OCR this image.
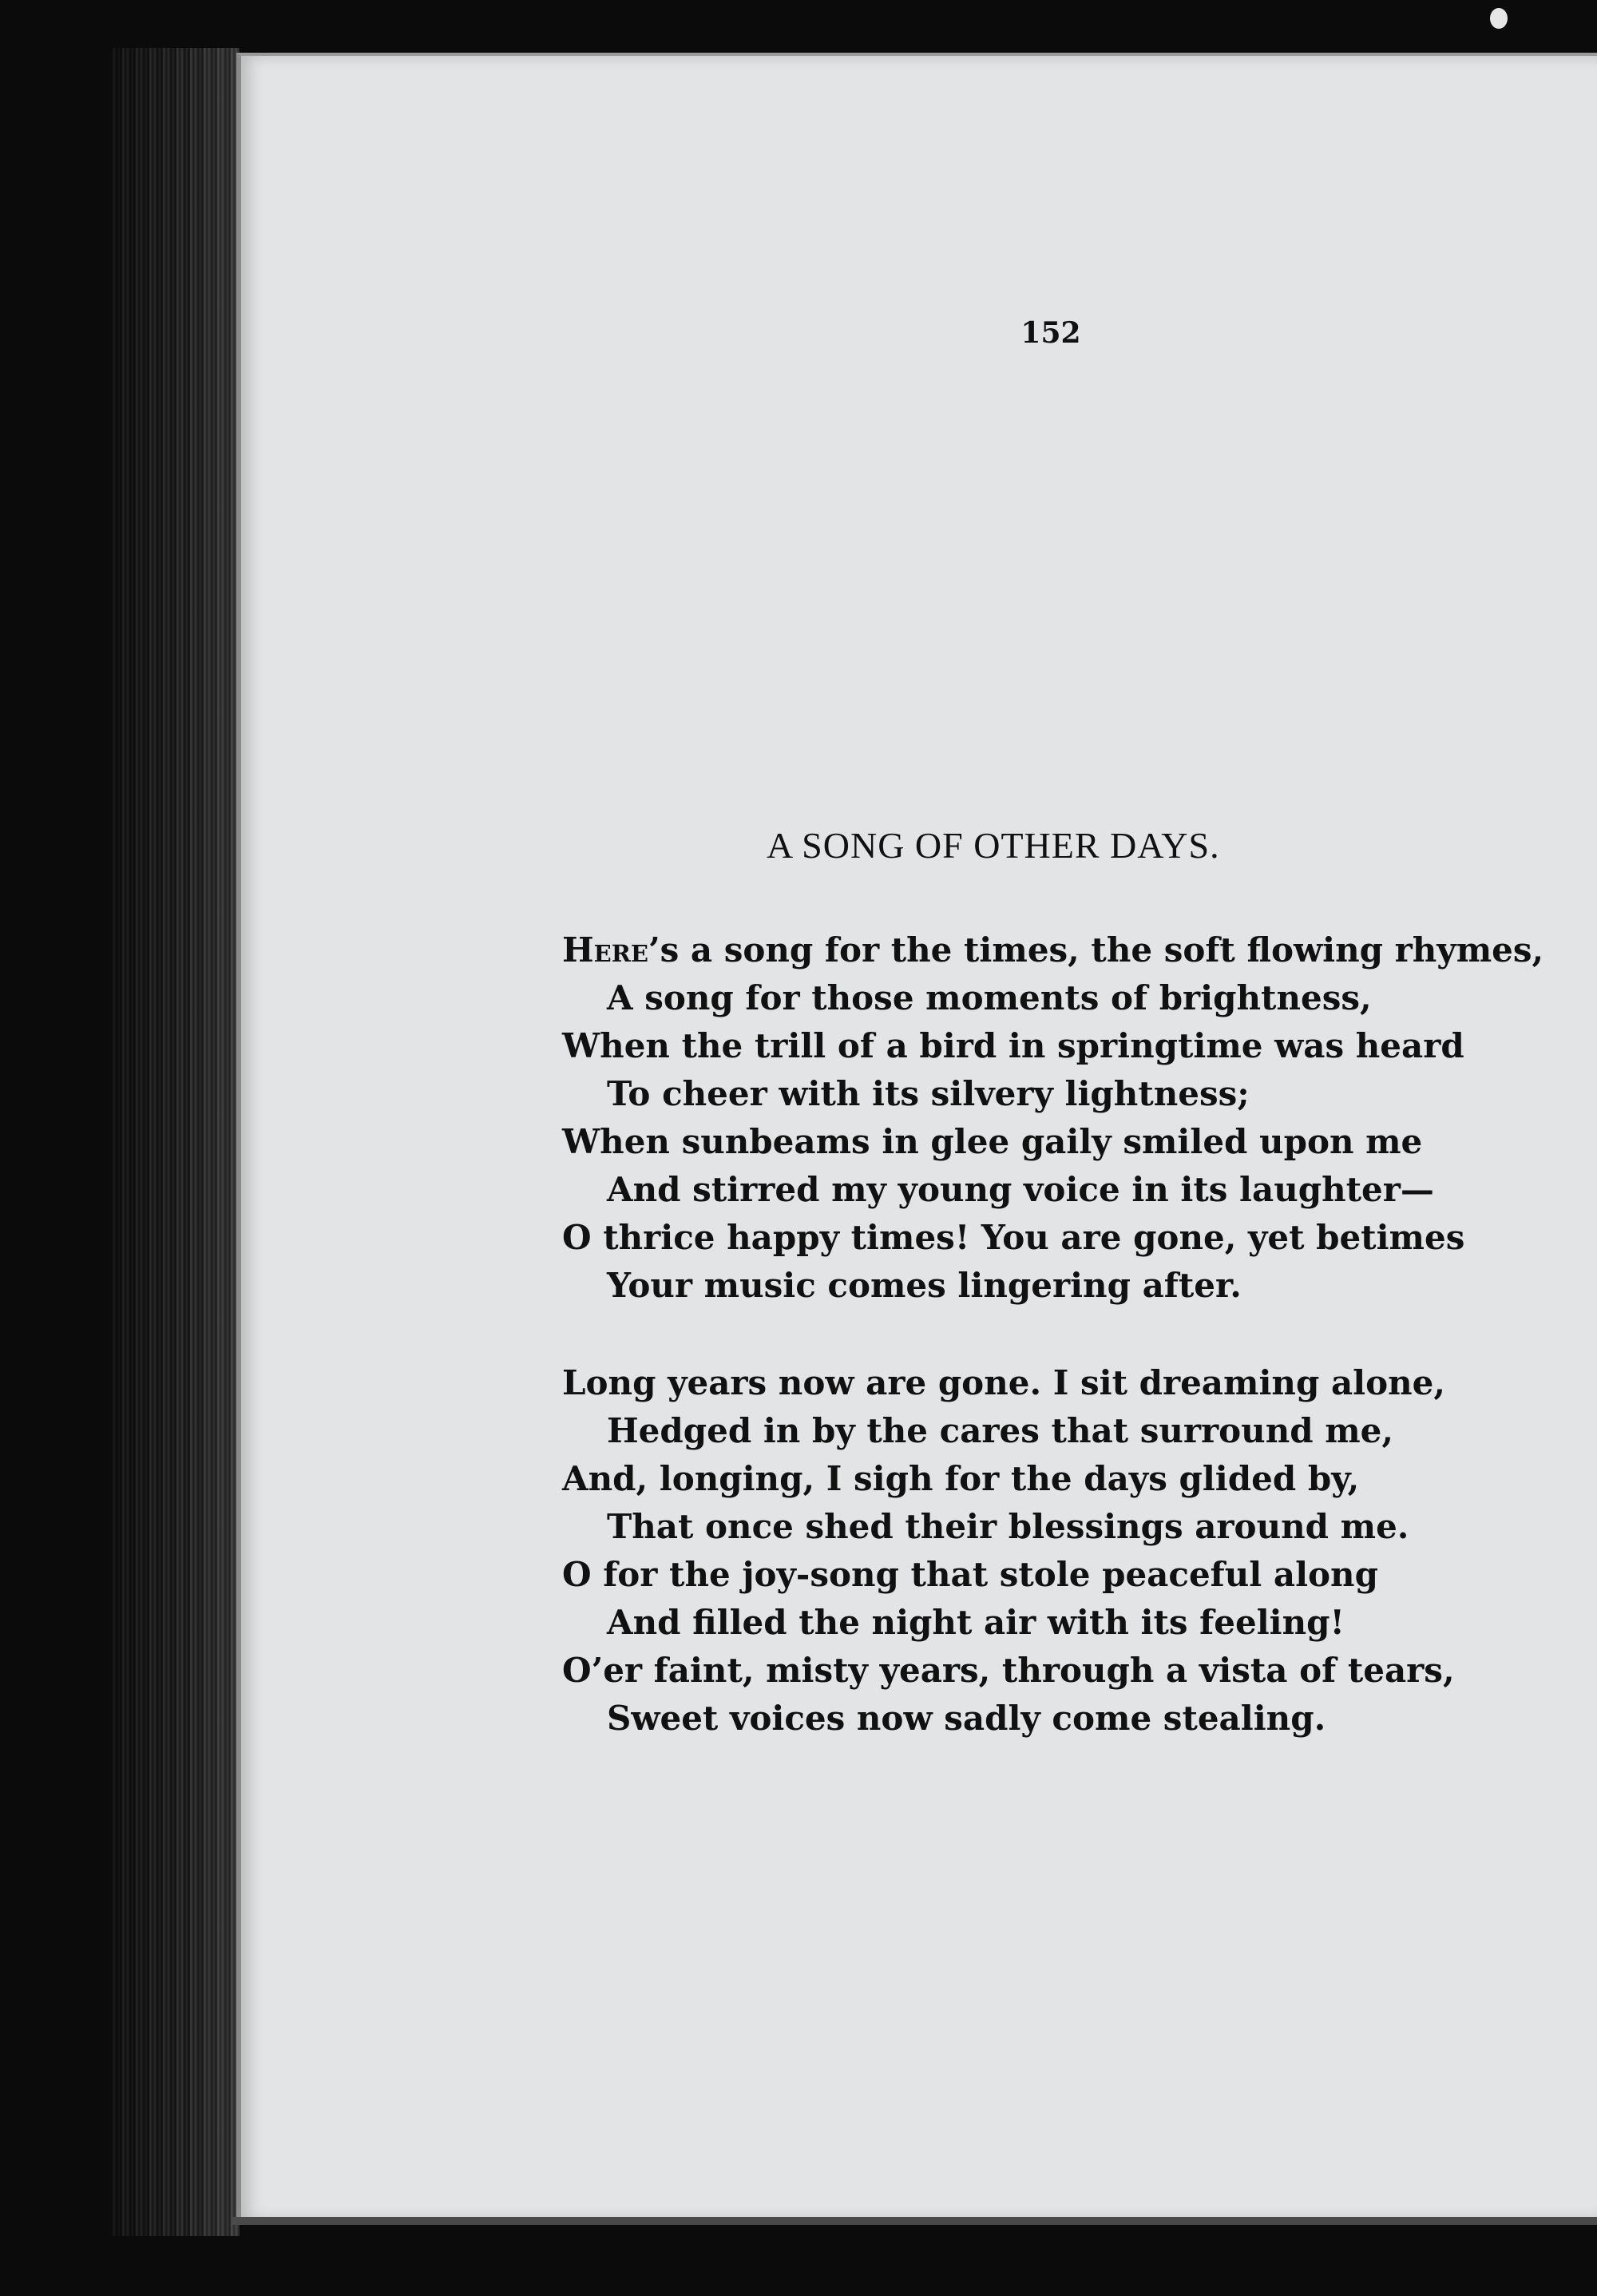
152
A SONG OF OTHER DAYS.
Here’s a song for the times, the soft flowing rhymes,
A song for those moments of brightness,
When the trill of a bird in springtime was heard
To cheer with its silvery lightness;
When sunbeams in glee gaily smiled upon me
And stirred my young voice in its laughter—
O thrice happy times! You are gone, yet betimes
Your music comes lingering after.
Long years now are gone. I sit dreaming alone,
Hedged in by the cares that surround me,
And, longing, I sigh for the days glided by,
That once shed their blessings around me.
O for the joy-song that stole peaceful along
And filled the night air with its feeling!
O’er faint, misty years, through a vista of tears,
Sweet voices now sadly come stealing.
